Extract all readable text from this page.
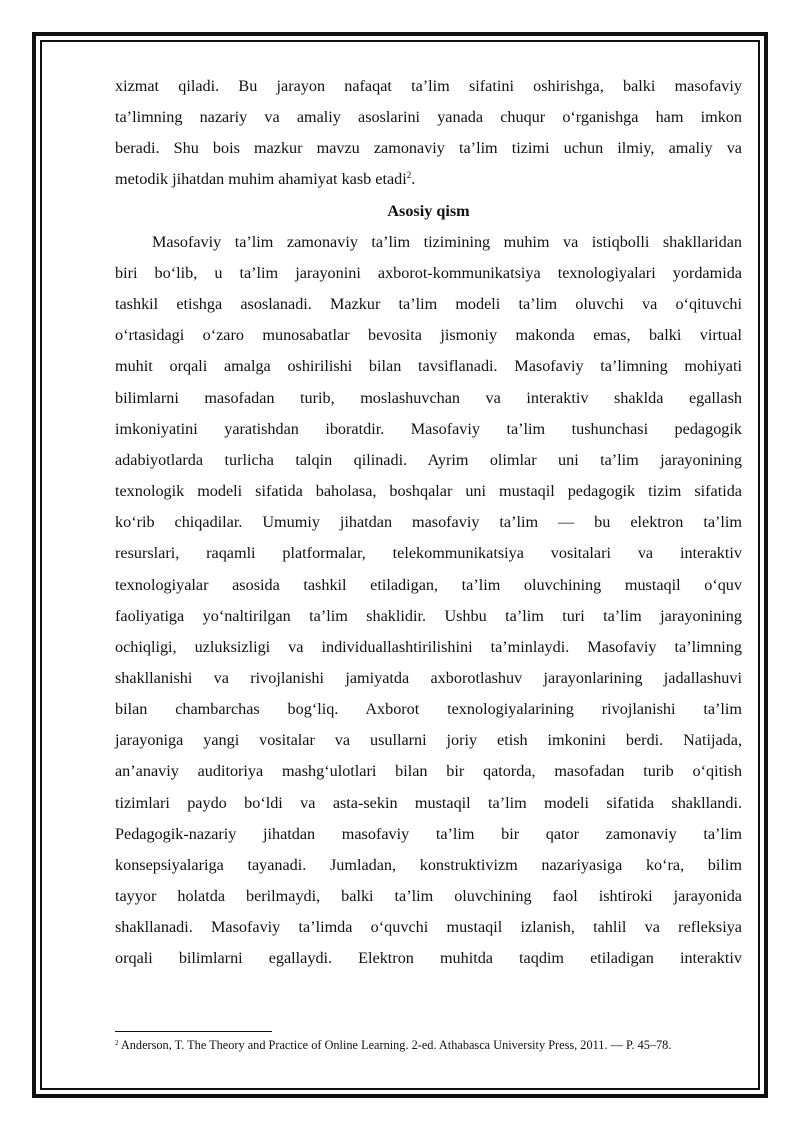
xizmat qiladi. Bu jarayon nafaqat ta’lim sifatini oshirishga, balki masofaviy
ta’limning nazariy va amaliy asoslarini yanada chuqur oʻrganishga ham imkon
beradi. Shu bois mazkur mavzu zamonaviy ta’lim tizimi uchun ilmiy, amaliy va
metodik jihatdan muhim ahamiyat kasb etadi$^2$.

Asosiy qism

Masofaviy ta’lim zamonaviy ta’lim tizimining muhim va istiqbolli shakllaridan
biri boʻlib, u ta’lim jarayonini axborot-kommunikatsiya texnologiyalari yordamida
tashkil etishga asoslanadi. Mazkur ta’lim modeli ta’lim oluvchi va oʻqituvchi
oʻrtasidagi oʻzaro munosabatlar bevosita jismoniy makonda emas, balki virtual
muhit orqali amalga oshirilishi bilan tavsiflanadi. Masofaviy ta’limning mohiyati
bilimlarni masofadan turib, moslashuvchan va interaktiv shaklda egallash
imkoniyatini yaratishdan iboratdir. Masofaviy ta’lim tushunchasi pedagogik
adabiyotlarda turlicha talqin qilinadi. Ayrim olimlar uni ta’lim jarayonining
texnologik modeli sifatida baholasa, boshqalar uni mustaqil pedagogik tizim sifatida
koʻrib chiqadilar. Umumiy jihatdan masofaviy ta’lim — bu elektron ta’lim
resurslari, raqamli platformalar, telekommunikatsiya vositalari va interaktiv
texnologiyalar asosida tashkil etiladigan, ta’lim oluvchining mustaqil oʻquv
faoliyatiga yoʻnaltirilgan ta’lim shaklidir. Ushbu ta’lim turi ta’lim jarayonining
ochiqligi, uzluksizligi va individuallashtirilishini ta’minlaydi. Masofaviy ta’limning
shakllanishi va rivojlanishi jamiyatda axborotlashuv jarayonlarining jadallashuvi
bilan chambarchas bogʻliq. Axborot texnologiyalarining rivojlanishi ta’lim
jarayoniga yangi vositalar va usullarni joriy etish imkonini berdi. Natijada,
an’anaviy auditoriya mashgʻulotlari bilan bir qatorda, masofadan turib oʻqitish
tizimlari paydo boʻldi va asta-sekin mustaqil ta’lim modeli sifatida shakllandi.
Pedagogik-nazariy jihatdan masofaviy ta’lim bir qator zamonaviy ta’lim
konsepsiyalariga tayanadi. Jumladan, konstruktivizm nazariyasiga koʻra, bilim
tayyor holatda berilmaydi, balki ta’lim oluvchining faol ishtiroki jarayonida
shakllanadi. Masofaviy ta’limda oʻquvchi mustaqil izlanish, tahlil va refleksiya
orqali bilimlarni egallaydi. Elektron muhitda taqdim etiladigan interaktiv

$^2$ Anderson, T. The Theory and Practice of Online Learning. 2-ed. Athabasca University Press, 2011. — P. 45–78.
